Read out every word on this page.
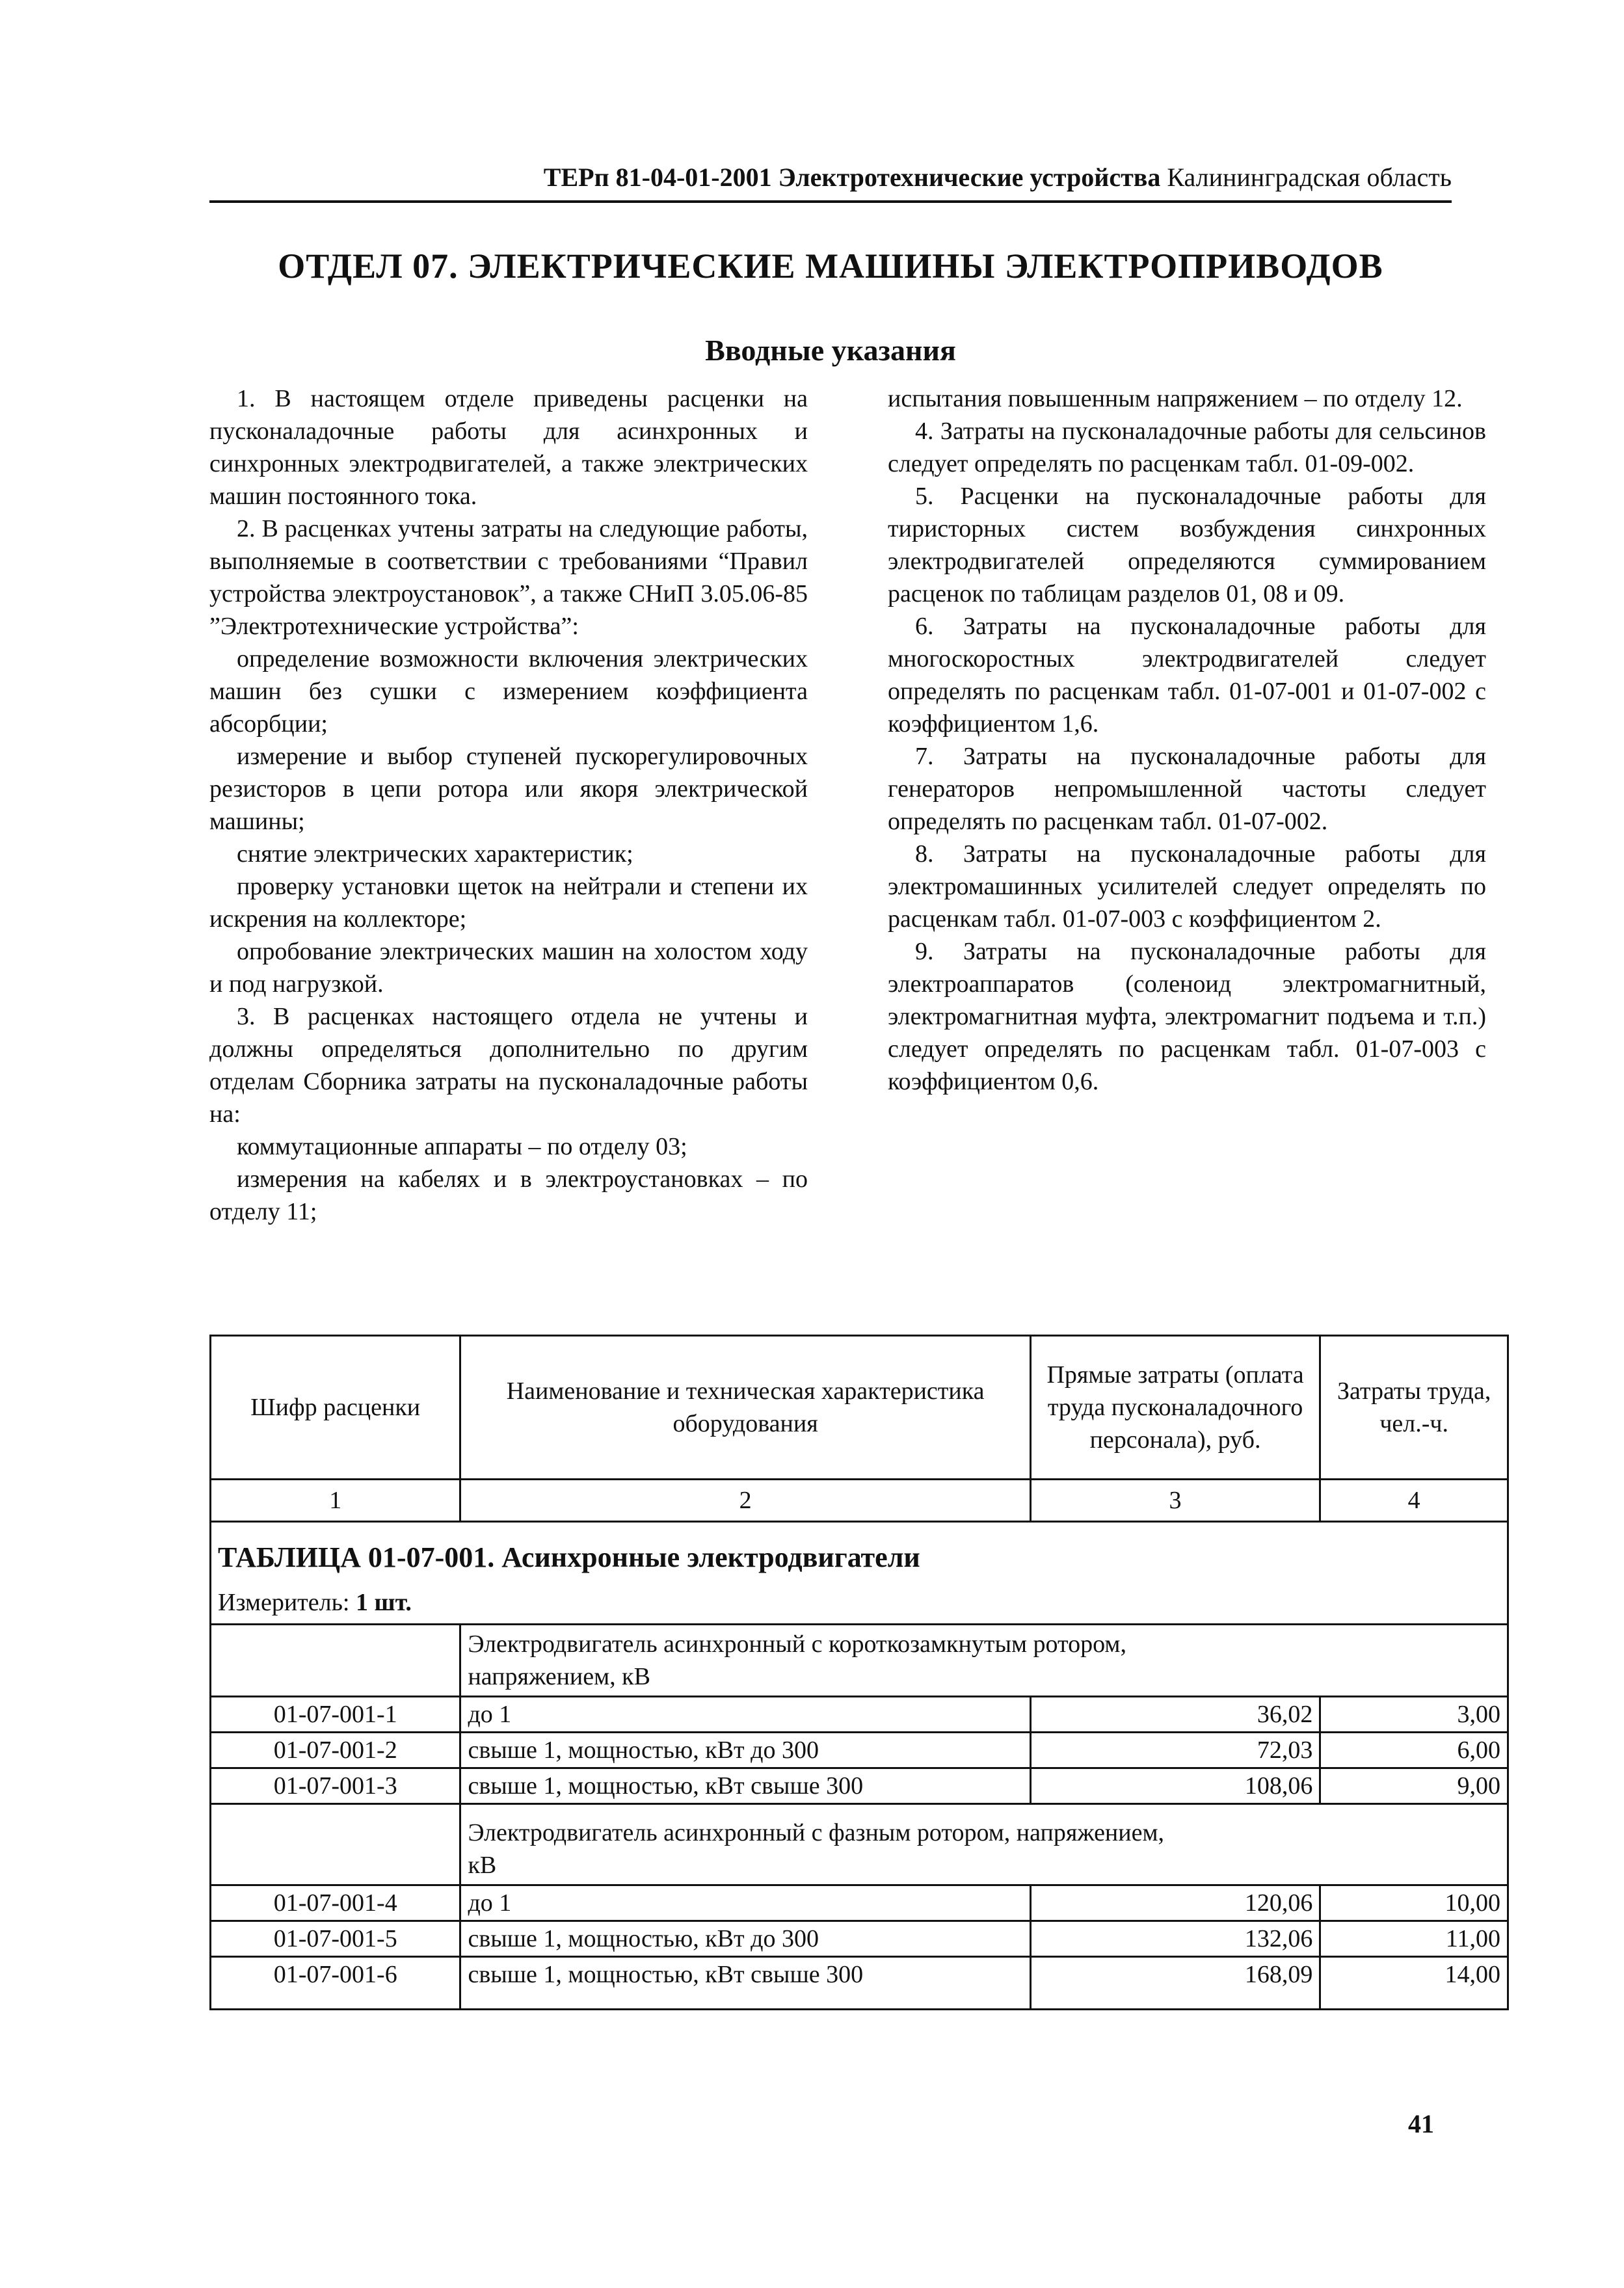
ТЕРп 81-04-01-2001 Электротехнические устройства Калининградская область
ОТДЕЛ 07. ЭЛЕКТРИЧЕСКИЕ МАШИНЫ ЭЛЕКТРОПРИВОДОВ
Вводные указания

1. В настоящем отделе приведены расценки на пусконаладочные работы для асинхронных и синхронных электродвигателей, а также электрических машин постоянного тока.

2. В расценках учтены затраты на следующие работы, выполняемые в соответствии с требованиями “Правил устройства электроустановок”, а также СНиП 3.05.06-85 ”Электротехнические устройства”:

определение возможности включения электрических машин без сушки с измерением коэффициента абсорбции;

измерение и выбор ступеней пускорегулировочных резисторов в цепи ротора или якоря электрической машины;

снятие электрических характеристик;

проверку установки щеток на нейтрали и степени их искрения на коллекторе;

опробование электрических машин на холостом ходу и под нагрузкой.

3. В расценках настоящего отдела не учтены и должны определяться дополнительно по другим отделам Сборника затраты на пусконаладочные работы на:

коммутационные аппараты – по отделу 03;

измерения на кабелях и в электроустановках – по отделу 11;

испытания повышенным напряжением – по отделу 12.

4. Затраты на пусконаладочные работы для сельсинов следует определять по расценкам табл. 01-09-002.

5. Расценки на пусконаладочные работы для тиристорных систем возбуждения синхронных электродвигателей определяются суммированием расценок по таблицам разделов 01, 08 и 09.

6. Затраты на пусконаладочные работы для многоскоростных электродвигателей следует определять по расценкам табл. 01-07-001 и 01-07-002 с коэффициентом 1,6.

7. Затраты на пусконаладочные работы для генераторов непромышленной частоты следует определять по расценкам табл. 01-07-002.

8. Затраты на пусконаладочные работы для электромашинных усилителей следует определять по расценкам табл. 01-07-003 с коэффициентом 2.

9. Затраты на пусконаладочные работы для электроаппаратов (соленоид электромагнитный, электромагнитная муфта, электромагнит подъема и т.п.) следует определять по расценкам табл. 01-07-003 с коэффициентом 0,6.

Шифр расценки	Наименование и техническая характеристика оборудования	Прямые затраты (оплата труда пусконаладочного персонала), руб.	Затраты труда, чел.-ч.
1	2	3	4
ТАБЛИЦА 01-07-001. Асинхронные электродвигатели			
Измеритель: 1 шт.			
	Электродвигатель асинхронный с короткозамкнутым ротором, напряжением, кВ		
01-07-001-1	до 1	36,02	3,00
01-07-001-2	свыше 1, мощностью, кВт до 300	72,03	6,00
01-07-001-3	свыше 1, мощностью, кВт свыше 300	108,06	9,00
	Электродвигатель асинхронный с фазным ротором, напряжением, кВ		
01-07-001-4	до 1	120,06	10,00
01-07-001-5	свыше 1, мощностью, кВт до 300	132,06	11,00
01-07-001-6	свыше 1, мощностью, кВт свыше 300	168,09	14,00
41
